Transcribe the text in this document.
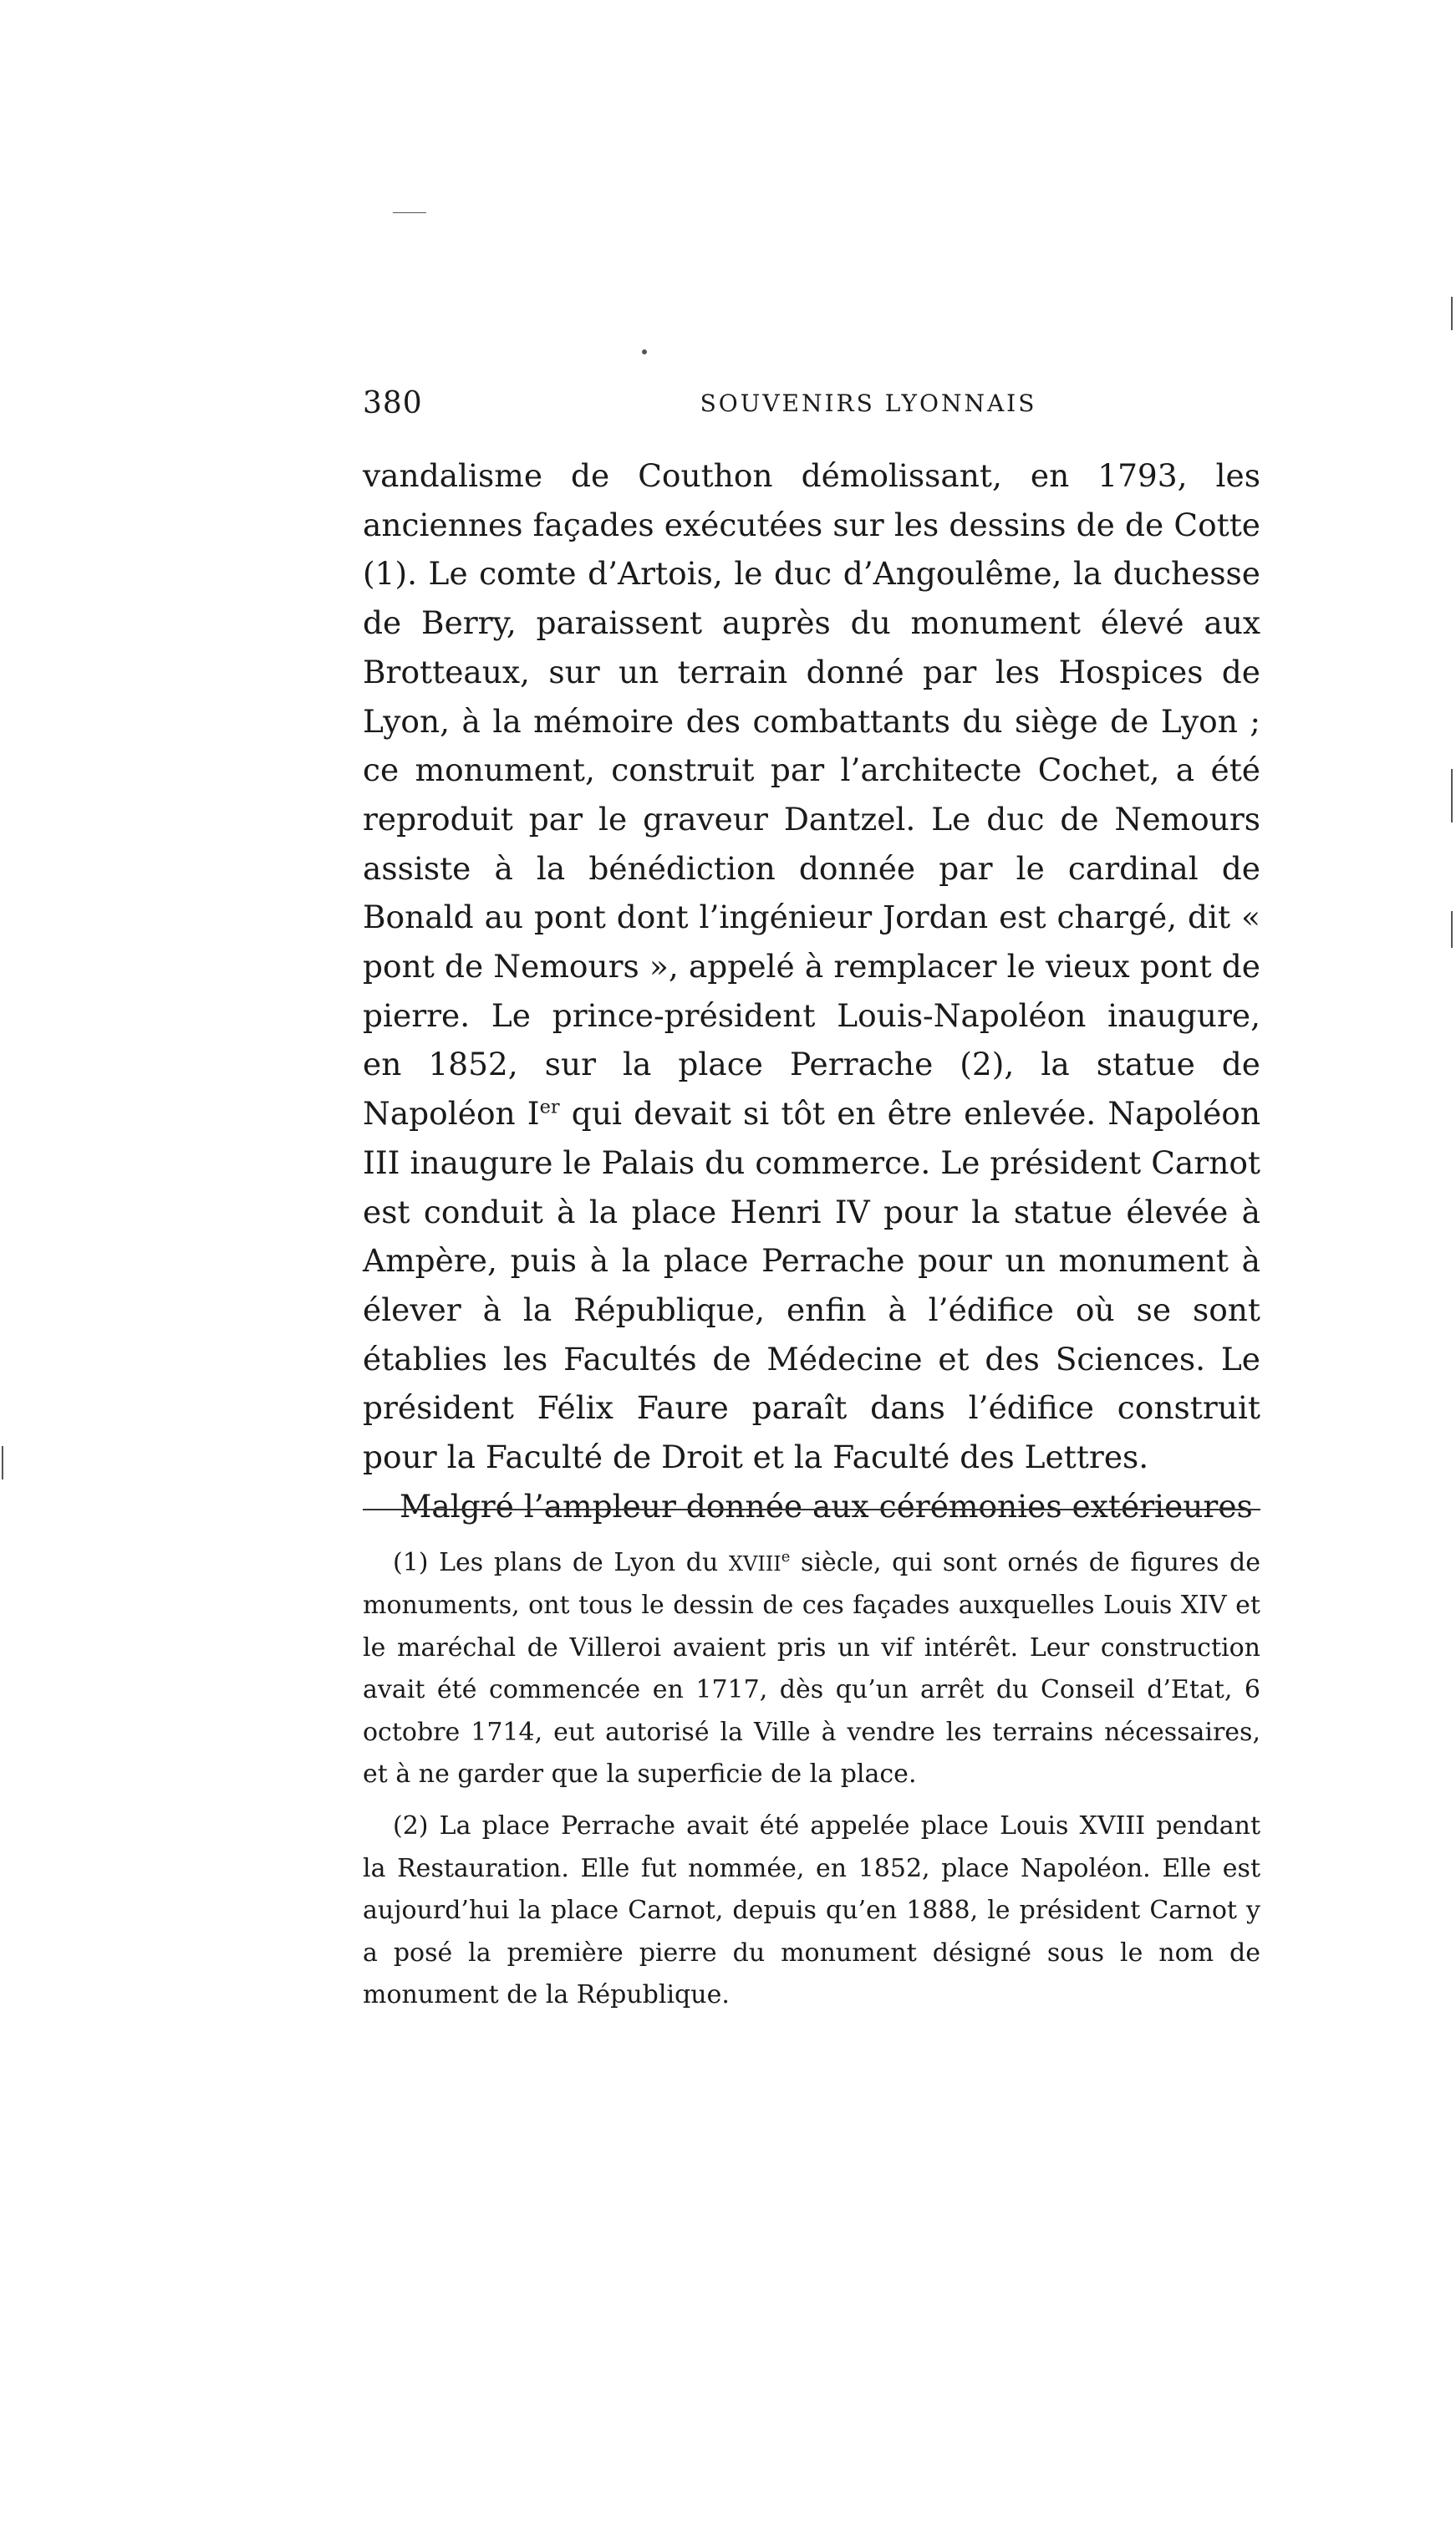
380	SOUVENIRS LYONNAIS

vandalisme de Couthon démolissant, en 1793, les anciennes façades exécutées sur les dessins de de Cotte (1). Le comte d’Artois, le duc d’Angoulême, la duchesse de Berry, paraissent auprès du monument élevé aux Brotteaux, sur un terrain donné par les Hospices de Lyon, à la mémoire des combattants du siège de Lyon ; ce monument, construit par l’architecte Cochet, a été reproduit par le graveur Dantzel. Le duc de Nemours assiste à la bénédiction donnée par le cardinal de Bonald au pont dont l’ingénieur Jordan est chargé, dit « pont de Nemours », appelé à remplacer le vieux pont de pierre. Le prince-président Louis-Napoléon inaugure, en 1852, sur la place Perrache (2), la statue de Napoléon Ier qui devait si tôt en être enlevée. Napoléon III inaugure le Palais du commerce. Le président Carnot est conduit à la place Henri IV pour la statue élevée à Ampère, puis à la place Perrache pour un monument à élever à la République, enfin à l’édifice où se sont établies les Facultés de Médecine et des Sciences. Le président Félix Faure paraît dans l’édifice construit pour la Faculté de Droit et la Faculté des Lettres.

Malgré l’ampleur donnée aux cérémonies extérieures

(1) Les plans de Lyon du XVIIIe siècle, qui sont ornés de figures de monuments, ont tous le dessin de ces façades auxquelles Louis XIV et le maréchal de Villeroi avaient pris un vif intérêt. Leur construction avait été commencée en 1717, dès qu’un arrêt du Conseil d’Etat, 6 octobre 1714, eut autorisé la Ville à vendre les terrains nécessaires, et à ne garder que la superficie de la place.

(2) La place Perrache avait été appelée place Louis XVIII pendant la Restauration. Elle fut nommée, en 1852, place Napoléon. Elle est aujourd’hui la place Carnot, depuis qu’en 1888, le président Carnot y a posé la première pierre du monument désigné sous le nom de monument de la République.
